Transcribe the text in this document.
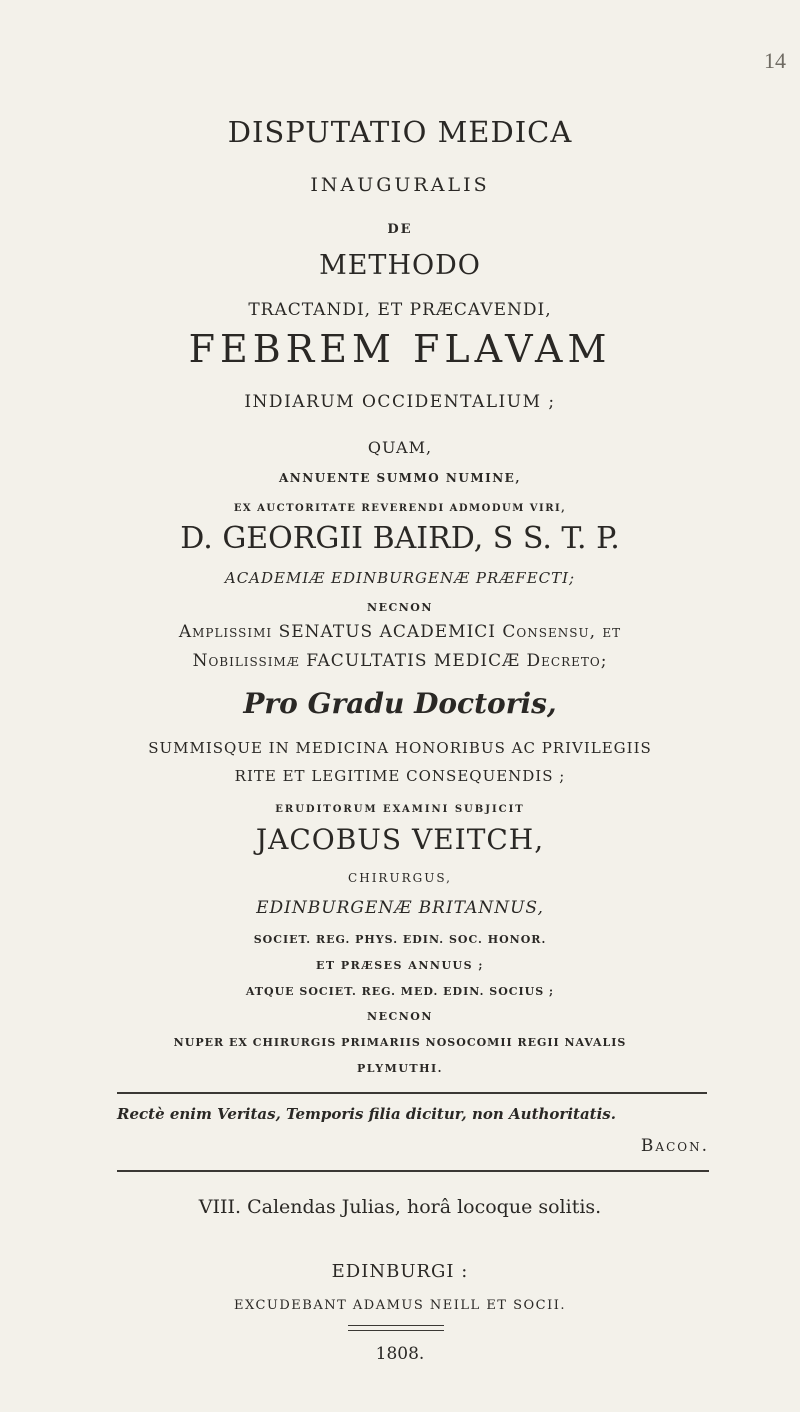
14
DISPUTATIO MEDICA
INAUGURALIS
DE
METHODO
TRACTANDI, ET PRÆCAVENDI,
FEBREM FLAVAM
INDIARUM OCCIDENTALIUM ;
QUAM,
ANNUENTE SUMMO NUMINE,
EX AUCTORITATE REVERENDI ADMODUM VIRI,
D. GEORGII BAIRD, S S. T. P.
ACADEMIÆ EDINBURGENÆ PRÆFECTI;
NECNON
Amplissimi SENATUS ACADEMICI Consensu, et
Nobilissimæ FACULTATIS MEDICÆ Decreto;
Pro Gradu Doctoris,
SUMMISQUE IN MEDICINA HONORIBUS AC PRIVILEGIIS
RITE ET LEGITIME CONSEQUENDIS ;
ERUDITORUM EXAMINI SUBJICIT
JACOBUS VEITCH,
CHIRURGUS,
EDINBURGENÆ BRITANNUS,
SOCIET. REG. PHYS. EDIN. SOC. HONOR.
ET PRÆSES ANNUUS ;
ATQUE SOCIET. REG. MED. EDIN. SOCIUS ;
NECNON
NUPER EX CHIRURGIS PRIMARIIS NOSOCOMII REGII NAVALIS
PLYMUTHI.
Rectè enim Veritas, Temporis filia dicitur, non Authoritatis.
Bacon.
VIII. Calendas Julias, horâ locoque solitis.
EDINBURGI :
EXCUDEBANT ADAMUS NEILL ET SOCII.
1808.
